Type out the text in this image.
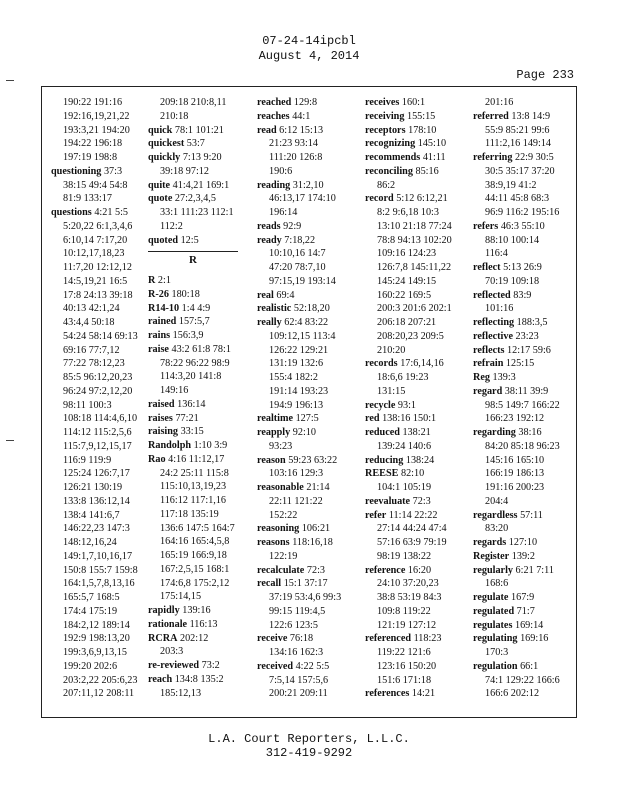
07-24-14ipcbl
August 4, 2014
Page 233
190:22 191:16
192:16,19,21,22
193:3,21 194:20
194:22 196:18
197:19 198:8
questioning 37:3
38:15 49:4 54:8
81:9 133:17
questions 4:21 5:5
5:20,22 6:1,3,4,6
6:10,14 7:17,20
10:12,17,18,23
11:7,20 12:12,12
14:5,19,21 16:5
17:8 24:13 39:18
40:13 42:1,24
43:4,4 50:18
54:24 58:14 69:13
69:16 77:7,12
77:22 78:12,23
85:5 96:12,20,23
96:24 97:2,12,20
98:11 100:3
108:18 114:4,6,10
114:12 115:2,5,6
115:7,9,12,15,17
116:9 119:9
125:24 126:7,17
126:21 130:19
133:8 136:12,14
138:4 141:6,7
146:22,23 147:3
148:12,16,24
149:1,7,10,16,17
150:8 155:7 159:8
164:1,5,7,8,13,16
165:5,7 168:5
174:4 175:19
184:2,12 189:14
192:9 198:13,20
199:3,6,9,13,15
199:20 202:6
203:2,22 205:6,23
207:11,12 208:11
209:18 210:8,11
210:18
quick 78:1 101:21
quickest 53:7
quickly 7:13 9:20
39:18 97:12
quite 41:4,21 169:1
quote 27:2,3,4,5
33:1 111:23 112:1
112:2
quoted 12:5
R
R 2:1
R-26 180:18
R14-10 1:4 4:9
rained 157:5,7
rains 156:3,9
raise 43:2 61:8 78:1
78:22 96:22 98:9
114:3,20 141:8
149:16
raised 136:14
raises 77:21
raising 33:15
Randolph 1:10 3:9
Rao 4:16 11:12,17
24:2 25:11 115:8
115:10,13,19,23
116:12 117:1,16
117:18 135:19
136:6 147:5 164:7
164:16 165:4,5,8
165:19 166:9,18
167:2,5,15 168:1
174:6,8 175:2,12
175:14,15
rapidly 139:16
rationale 116:13
RCRA 202:12
203:3
re-reviewed 73:2
reach 134:8 135:2
185:12,13
reached 129:8
reaches 44:1
read 6:12 15:13
21:23 93:14
111:20 126:8
190:6
reading 31:2,10
46:13,17 174:10
196:14
reads 92:9
ready 7:18,22
10:10,16 14:7
47:20 78:7,10
97:15,19 193:14
real 69:4
realistic 52:18,20
really 62:4 83:22
109:12,15 113:4
126:22 129:21
131:19 132:6
155:4 182:2
191:14 193:23
194:9 196:13
realtime 127:5
reapply 92:10
93:23
reason 59:23 63:22
103:16 129:3
reasonable 21:14
22:11 121:22
152:22
reasoning 106:21
reasons 118:16,18
122:19
recalculate 72:3
recall 15:1 37:17
37:19 53:4,6 99:3
99:15 119:4,5
122:6 123:5
receive 76:18
134:16 162:3
received 4:22 5:5
7:5,14 157:5,6
200:21 209:11
receives 160:1
receiving 155:15
receptors 178:10
recognizing 145:10
recommends 41:11
reconciling 85:16
86:2
record 5:12 6:12,21
8:2 9:6,18 10:3
13:10 21:18 77:24
78:8 94:13 102:20
109:16 124:23
126:7,8 145:11,22
145:24 149:15
160:22 169:5
200:3 201:6 202:1
206:18 207:21
208:20,23 209:5
210:20
records 17:6,14,16
18:6,6 19:23
131:15
recycle 93:1
red 138:16 150:1
reduced 138:21
139:24 140:6
reducing 138:24
REESE 82:10
104:1 105:19
reevaluate 72:3
refer 11:14 22:22
27:14 44:24 47:4
57:16 63:9 79:19
98:19 138:22
reference 16:20
24:10 37:20,23
38:8 53:19 84:3
109:8 119:22
121:19 127:12
referenced 118:23
119:22 121:6
123:16 150:20
151:6 171:18
references 14:21
201:16
referred 13:8 14:9
55:9 85:21 99:6
111:2,16 149:14
referring 22:9 30:5
30:5 35:17 37:20
38:9,19 41:2
44:11 45:8 68:3
96:9 116:2 195:16
refers 46:3 55:10
88:10 100:14
116:4
reflect 5:13 26:9
70:19 109:18
reflected 83:9
101:16
reflecting 188:3,5
reflective 23:23
reflects 12:17 59:6
refrain 125:15
Reg 139:3
regard 38:11 39:9
98:5 149:7 166:22
166:23 192:12
regarding 38:16
84:20 85:18 96:23
145:16 165:10
166:19 186:13
191:16 200:23
204:4
regardless 57:11
83:20
regards 127:10
Register 139:2
regularly 6:21 7:11
168:6
regulate 167:9
regulated 71:7
regulates 169:14
regulating 169:16
170:3
regulation 66:1
74:1 129:22 166:6
166:6 202:12
L.A. Court Reporters, L.L.C.
312-419-9292
